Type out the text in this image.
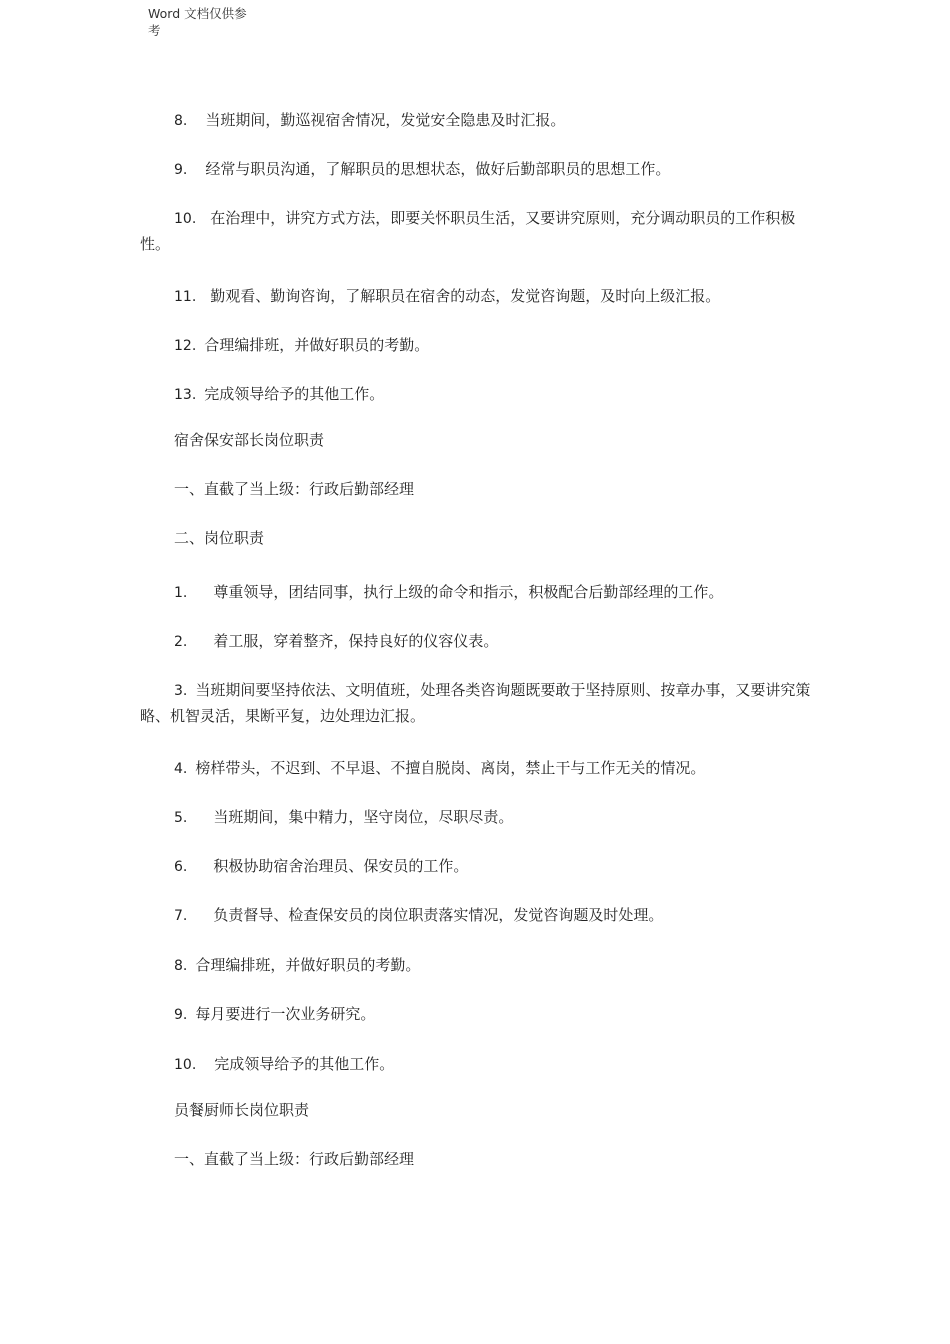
Word 文档仅供参
考

8. 当班期间，勤巡视宿舍情况，发觉安全隐患及时汇报。

9. 经常与职员沟通，了解职员的思想状态，做好后勤部职员的思想工作。

10. 在治理中，讲究方式方法，即要关怀职员生活，又要讲究原则，充分调动职员的工作积极性。

11. 勤观看、勤询咨询，了解职员在宿舍的动态，发觉咨询题，及时向上级汇报。

12. 合理编排班，并做好职员的考勤。

13. 完成领导给予的其他工作。

宿舍保安部长岗位职责

一、直截了当上级：行政后勤部经理

二、岗位职责

1. 尊重领导，团结同事，执行上级的命令和指示，积极配合后勤部经理的工作。

2. 着工服，穿着整齐，保持良好的仪容仪表。

3. 当班期间要坚持依法、文明值班，处理各类咨询题既要敢于坚持原则、按章办事，又要讲究策略、机智灵活，果断平复，边处理边汇报。

4. 榜样带头，不迟到、不早退、不擅自脱岗、离岗，禁止干与工作无关的情况。

5. 当班期间，集中精力，坚守岗位，尽职尽责。

6. 积极协助宿舍治理员、保安员的工作。

7. 负责督导、检查保安员的岗位职责落实情况，发觉咨询题及时处理。

8. 合理编排班，并做好职员的考勤。

9. 每月要进行一次业务研究。

10. 完成领导给予的其他工作。

员餐厨师长岗位职责

一、直截了当上级：行政后勤部经理
